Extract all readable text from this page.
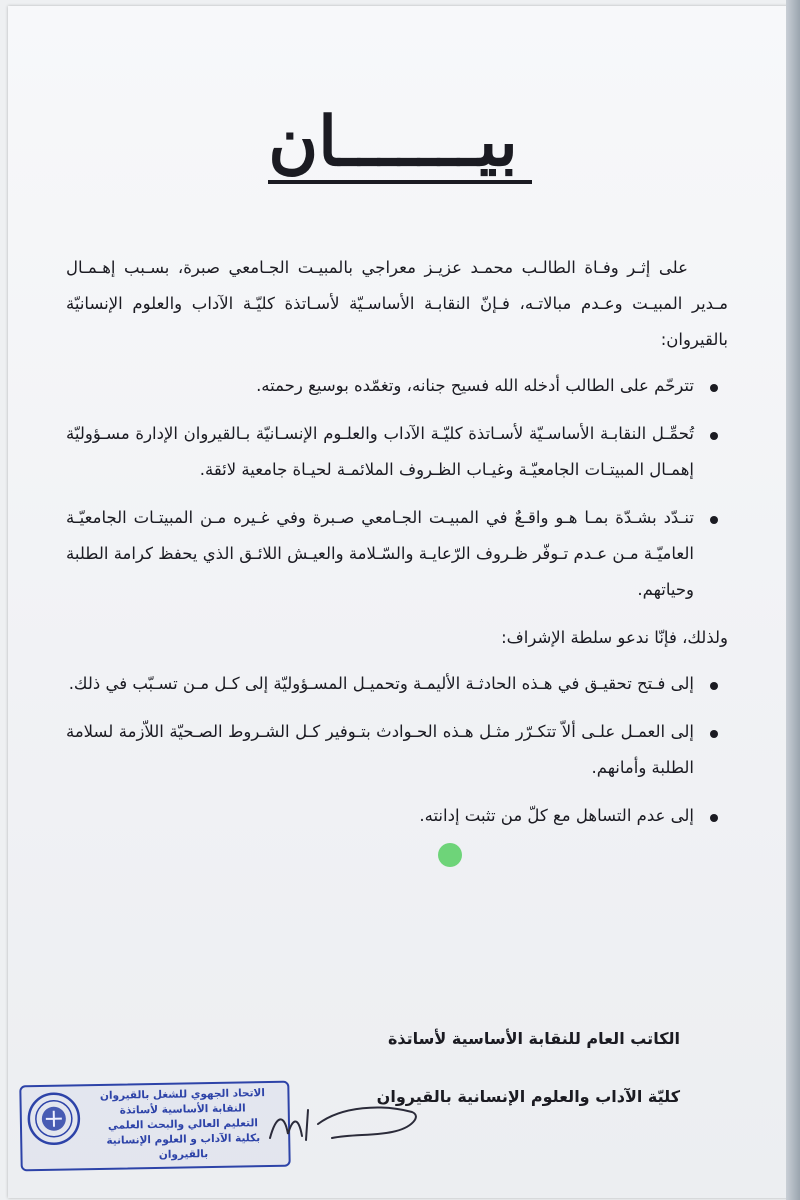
بيـــــــان

على إثـر وفـاة الطالـب محمـد عزيـز معراجي بالمبيـت الجـامعي صبرة، بسـبب إهـمـال مـدير المبيـت وعـدم مبالاتـه، فـإنّ النقابـة الأساسـيّة لأسـاتذة كليّـة الآداب والعلوم الإنسانيّة بالقيروان:

تترحّم على الطالب أدخله الله فسيح جنانه، وتغمّده بوسيع رحمته.
تُحمِّـل النقابـة الأساسـيّة لأسـاتذة كليّـة الآداب والعلـوم الإنسـانيّة بـالقيروان الإدارة مسـؤوليّة إهمـال المبيتـات الجامعيّـة وغيـاب الظـروف الملائمـة لحيـاة جامعية لائقة.
تنـدّد بشـدّة بمـا هـو واقـعٌ في المبيـت الجـامعي صـبرة وفي غـيره مـن المبيتـات الجامعيّـة العاميّـة مـن عـدم تـوفّر ظـروف الرّعايـة والسّـلامة والعيـش اللائـق الذي يحفظ كرامة الطلبة وحياتهم.

ولذلك، فإنّا ندعو سلطة الإشراف:

إلى فـتح تحقيـق في هـذه الحادثـة الأليمـة وتحميـل المسـؤوليّة إلى كـل مـن تسـبّب في ذلك.
إلى العمـل علـى ألاّ تتكـرّر مثـل هـذه الحـوادث بتـوفير كـل الشـروط الصـحيّة اللاّزمة لسلامة الطلبة وأمانهم.
إلى عدم التساهل مع كلّ من تثبت إدانته.
الكاتب العام للنقابة الأساسية لأساتذة
كليّة الآداب والعلوم الإنسانية بالقيروان
الاتحاد الجهوي للشغل بالقيروان
النقابة الأساسية لأساتذة
التعليم العالي والبحث العلمي
بكلية الآداب و العلوم الإنسانية بالقيروان
